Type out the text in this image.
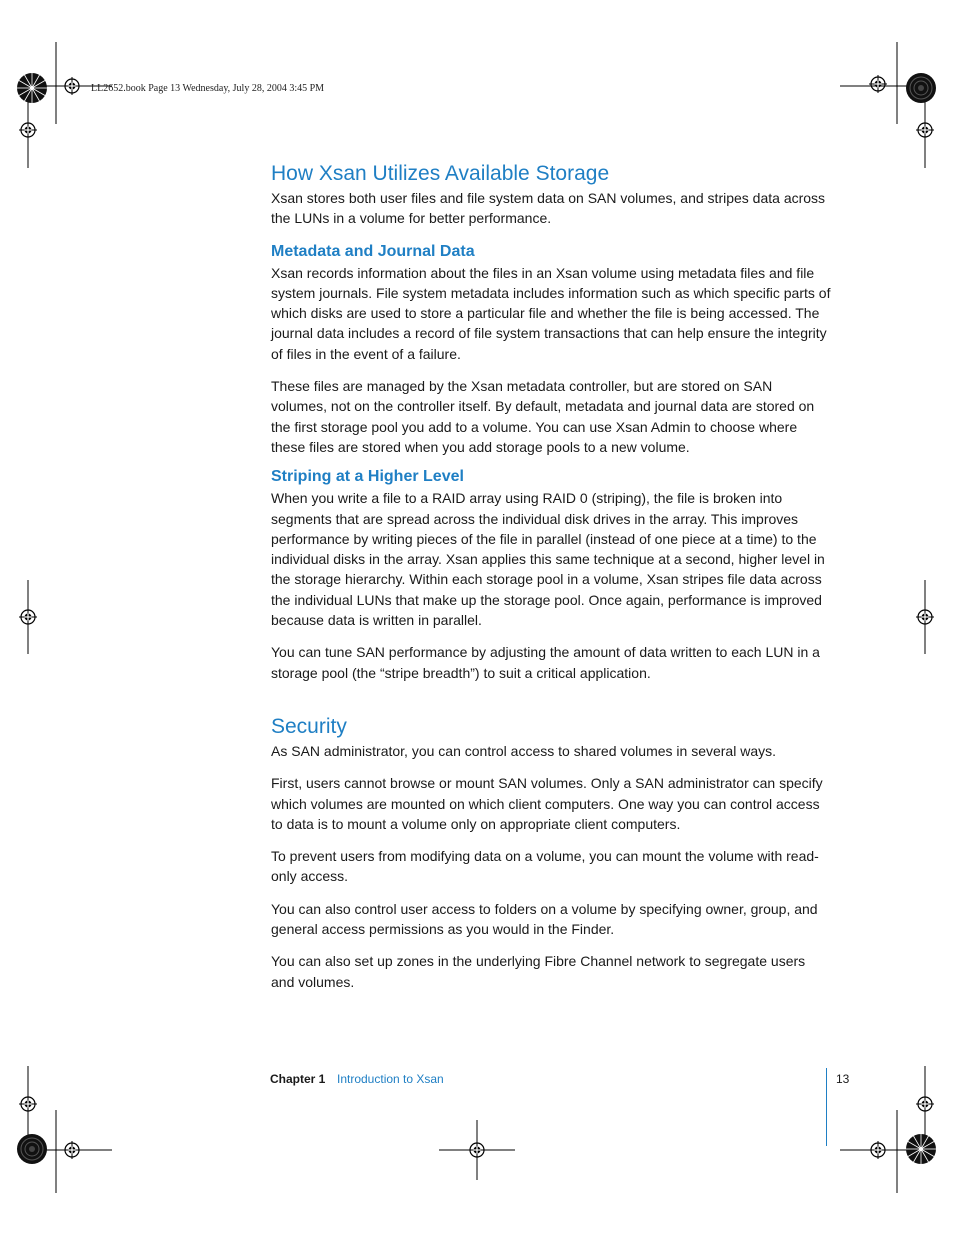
LL2652.book Page 13 Wednesday, July 28, 2004 3:45 PM
How Xsan Utilizes Available Storage

Xsan stores both user files and file system data on SAN volumes, and stripes data across the LUNs in a volume for better performance.

Metadata and Journal Data

Xsan records information about the files in an Xsan volume using metadata files and file system journals. File system metadata includes information such as which specific parts of which disks are used to store a particular file and whether the file is being accessed. The journal data includes a record of file system transactions that can help ensure the integrity of files in the event of a failure.

These files are managed by the Xsan metadata controller, but are stored on SAN volumes, not on the controller itself. By default, metadata and journal data are stored on the first storage pool you add to a volume. You can use Xsan Admin to choose where these files are stored when you add storage pools to a new volume.

Striping at a Higher Level

When you write a file to a RAID array using RAID 0 (striping), the file is broken into segments that are spread across the individual disk drives in the array. This improves performance by writing pieces of the file in parallel (instead of one piece at a time) to the individual disks in the array. Xsan applies this same technique at a second, higher level in the storage hierarchy. Within each storage pool in a volume, Xsan stripes file data across the individual LUNs that make up the storage pool. Once again, performance is improved because data is written in parallel.

You can tune SAN performance by adjusting the amount of data written to each LUN in a storage pool (the “stripe breadth”) to suit a critical application.

Security

As SAN administrator, you can control access to shared volumes in several ways.

First, users cannot browse or mount SAN volumes. Only a SAN administrator can specify which volumes are mounted on which client computers. One way you can control access to data is to mount a volume only on appropriate client computers.

To prevent users from modifying data on a volume, you can mount the volume with read-only access.

You can also control user access to folders on a volume by specifying owner, group, and general access permissions as you would in the Finder.

You can also set up zones in the underlying Fibre Channel network to segregate users and volumes.

Chapter 1 Introduction to Xsan	13
